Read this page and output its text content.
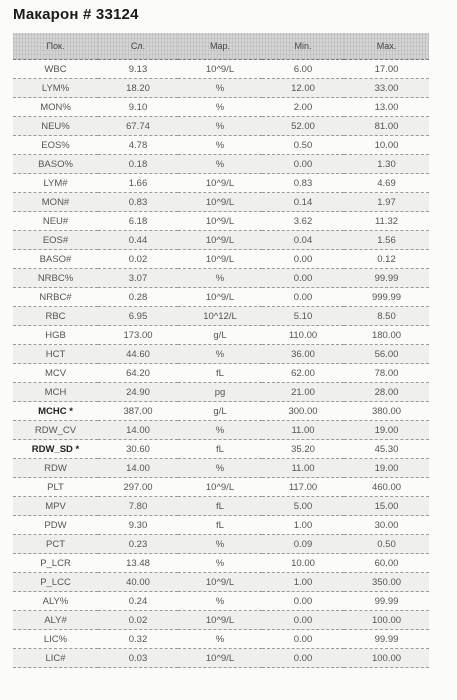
Макарон # 33124
Пок.	Сл.	Мар.	Min.	Max.
WBC	9.13	10^9/L	6.00	17.00
LYM%	18.20	%	12.00	33.00
MON%	9.10	%	2.00	13.00
NEU%	67.74	%	52.00	81.00
EOS%	4.78	%	0.50	10.00
BASO%	0.18	%	0.00	1.30
LYM#	1.66	10^9/L	0.83	4.69
MON#	0.83	10^9/L	0.14	1.97
NEU#	6.18	10^9/L	3.62	11.32
EOS#	0.44	10^9/L	0.04	1.56
BASO#	0.02	10^9/L	0.00	0.12
NRBC%	3.07	%	0.00	99.99
NRBC#	0.28	10^9/L	0.00	999.99
RBC	6.95	10^12/L	5.10	8.50
HGB	173.00	g/L	110.00	180.00
HCT	44.60	%	36.00	56.00
MCV	64.20	fL	62.00	78.00
MCH	24.90	pg	21.00	28.00
MCHC *	387.00	g/L	300.00	380.00
RDW_CV	14.00	%	11.00	19.00
RDW_SD *	30.60	fL	35.20	45.30
RDW	14.00	%	11.00	19.00
PLT	297.00	10^9/L	117.00	460.00
MPV	7.80	fL	5.00	15.00
PDW	9.30	fL	1.00	30.00
PCT	0.23	%	0.09	0.50
P_LCR	13.48	%	10.00	60.00
P_LCC	40.00	10^9/L	1.00	350.00
ALY%	0.24	%	0.00	99.99
ALY#	0.02	10^9/L	0.00	100.00
LIC%	0.32	%	0.00	99.99
LIC#	0.03	10^9/L	0.00	100.00
